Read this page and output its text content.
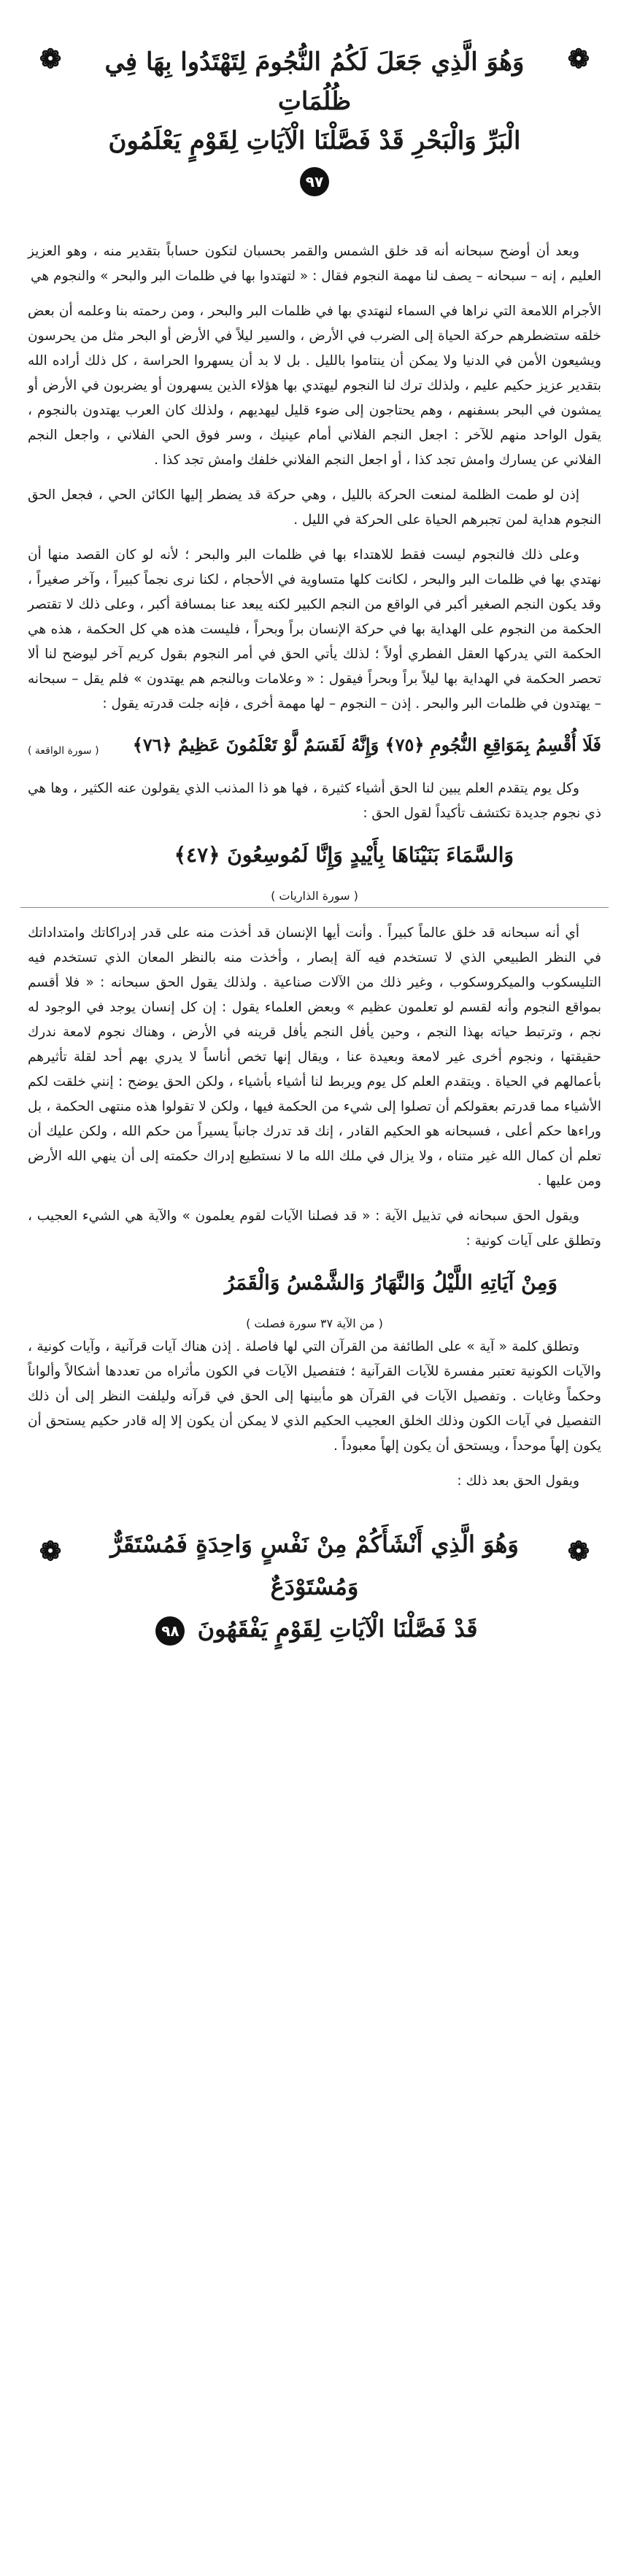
❁
❁	وَهُوَ الَّذِي جَعَلَ لَكُمُ النُّجُومَ لِتَهْتَدُوا بِهَا فِي ظُلُمَاتِ
الْبَرِّ وَالْبَحْرِ قَدْ فَصَّلْنَا الْآيَاتِ لِقَوْمٍ يَعْلَمُونَ ٩٧

وبعد أن أوضح سبحانه أنه قد خلق الشمس والقمر بحسبان لتكون حساباً بتقدير منه ، وهو العزيز العليم ، إنه – سبحانه – يصف لنا مهمة النجوم فقال : « لتهتدوا بها في ظلمات البر والبحر » والنجوم هي

الأجرام اللامعة التي نراها في السماء لنهتدي بها في ظلمات البر والبحر ، ومن رحمته بنا وعلمه أن بعض خلقه ستضطرهم حركة الحياة إلى الضرب في الأرض ، والسير ليلاً في الأرض أو البحر مثل من يحرسون ويشيعون الأمن في الدنيا ولا يمكن أن ينتاموا بالليل . بل لا بد أن يسهروا الحراسة ، كل ذلك أراده الله بتقدير عزيز حكيم عليم ، ولذلك ترك لنا النجوم ليهتدي بها هؤلاء الذين يسهرون أو يضربون في الأرض أو يمشون في البحر بسفنهم ، وهم يحتاجون إلى ضوء قليل ليهديهم ، ولذلك كان العرب يهتدون بالنجوم ، يقول الواحد منهم للآخر : اجعل النجم الفلاني أمام عينيك ، وسر فوق الحي الفلاني ، واجعل النجم الفلاني عن يسارك وامش تجد كذا ، أو اجعل النجم الفلاني خلفك وامش تجد كذا .

إذن لو طمت الظلمة لمنعت الحركة بالليل ، وهي حركة قد يضطر إليها الكائن الحي ، فجعل الحق النجوم هداية لمن تجبرهم الحياة على الحركة في الليل .

وعلى ذلك فالنجوم ليست فقط للاهتداء بها في ظلمات البر والبحر ؛ لأنه لو كان القصد منها أن نهتدي بها في ظلمات البر والبحر ، لكانت كلها متساوية في الأحجام ، لكنا نرى نجماً كبيراً ، وآخر صغيراً ، وقد يكون النجم الصغير أكبر في الواقع من النجم الكبير لكنه يبعد عنا بمسافة أكبر ، وعلى ذلك لا تقتصر الحكمة من النجوم على الهداية بها في حركة الإنسان براً وبحراً ، فليست هذه هي كل الحكمة ، هذه هي الحكمة التي يدركها العقل الفطري أولاً ؛ لذلك يأتي الحق في أمر النجوم بقول كريم آخر ليوضح لنا ألا تحصر الحكمة في الهداية بها ليلاً براً وبحراً فيقول : « وعلامات وبالنجم هم يهتدون » فلم يقل – سبحانه – يهتدون في ظلمات البر والبحر . إذن – النجوم – لها مهمة أخرى ، فإنه جلت قدرته يقول :

فَلَا أُقْسِمُ بِمَوَاقِعِ النُّجُومِ ﴿٧٥﴾ وَإِنَّهُ لَقَسَمٌ لَّوْ تَعْلَمُونَ عَظِيمٌ ﴿٧٦﴾
( سورة الواقعة )

وكل يوم يتقدم العلم يبين لنا الحق أشياء كثيرة ، فها هو ذا المذنب الذي يقولون عنه الكثير ، وها هي ذي نجوم جديدة تكتشف تأكيداً لقول الحق :

وَالسَّمَاءَ بَنَيْنَاهَا بِأَيْيدٍ وَإِنَّا لَمُوسِعُونَ ﴿٤٧﴾
( سورة الذاريات )

أي أنه سبحانه قد خلق عالماً كبيراً . وأنت أيها الإنسان قد أخذت منه على قدر إدراكاتك وامتداداتك في النظر الطبيعي الذي لا تستخدم فيه آلة إبصار ، وأخذت منه بالنظر المعان الذي تستخدم فيه التليسكوب والميكروسكوب ، وغير ذلك من الآلات صناعية . ولذلك يقول الحق سبحانه : « فلا أقسم بمواقع النجوم وأنه لقسم لو تعلمون عظيم » وبعض العلماء يقول : إن كل إنسان يوجد في الوجود له نجم ، وترتبط حياته بهذا النجم ، وحين يأفل النجم يأفل قرينه في الأرض ، وهناك نجوم لامعة ندرك حقيقتها ، ونجوم أخرى غير لامعة وبعيدة عنا ، ويقال إنها تخص أناساً لا يدري بهم أحد لقلة تأثيرهم بأعمالهم في الحياة . ويتقدم العلم كل يوم ويربط لنا أشياء بأشياء ، ولكن الحق يوضح : إنني خلقت لكم الأشياء مما قدرتم بعقولكم أن تصلوا إلى شيء من الحكمة فيها ، ولكن لا تقولوا هذه منتهى الحكمة ، بل وراءها حكم أعلى ، فسبحانه هو الحكيم القادر ، إنك قد تدرك جانباً يسيراً من حكم الله ، ولكن عليك أن تعلم أن كمال الله غير متناه ، ولا يزال في ملك الله ما لا نستطيع إدراك حكمته إلى أن ينهي الله الأرض ومن عليها .

ويقول الحق سبحانه في تذييل الآية : « قد فصلنا الآيات لقوم يعلمون » والآية هي الشيء العجيب ، وتطلق على آيات كونية :

وَمِنْ آيَاتِهِ اللَّيْلُ وَالنَّهَارُ وَالشَّمْسُ وَالْقَمَرُ
( من الآية ٣٧ سورة فصلت )

وتطلق كلمة « آية » على الطائفة من القرآن التي لها فاصلة . إذن هناك آيات قرآنية ، وآيات كونية ، والآيات الكونية تعتبر مفسرة للآيات القرآنية ؛ فتفصيل الآيات في الكون مأثراه من تعددها أشكالاً وألواناً وحكماً وغايات . وتفصيل الآيات في القرآن هو مأبينها إلى الحق في قرآنه وليلفت النظر إلى أن ذلك التفصيل في آيات الكون وذلك الخلق العجيب الحكيم الذي لا يمكن أن يكون إلا إله قادر حكيم يستحق أن يكون إلهاً موحداً ، ويستحق أن يكون إلهاً معبوداً .

ويقول الحق بعد ذلك :

❁
❁	وَهُوَ الَّذِي أَنْشَأَكُمْ مِنْ نَفْسٍ وَاحِدَةٍ فَمُسْتَقَرٌّ وَمُسْتَوْدَعٌ
قَدْ فَصَّلْنَا الْآيَاتِ لِقَوْمٍ يَفْقَهُونَ ٩٨
